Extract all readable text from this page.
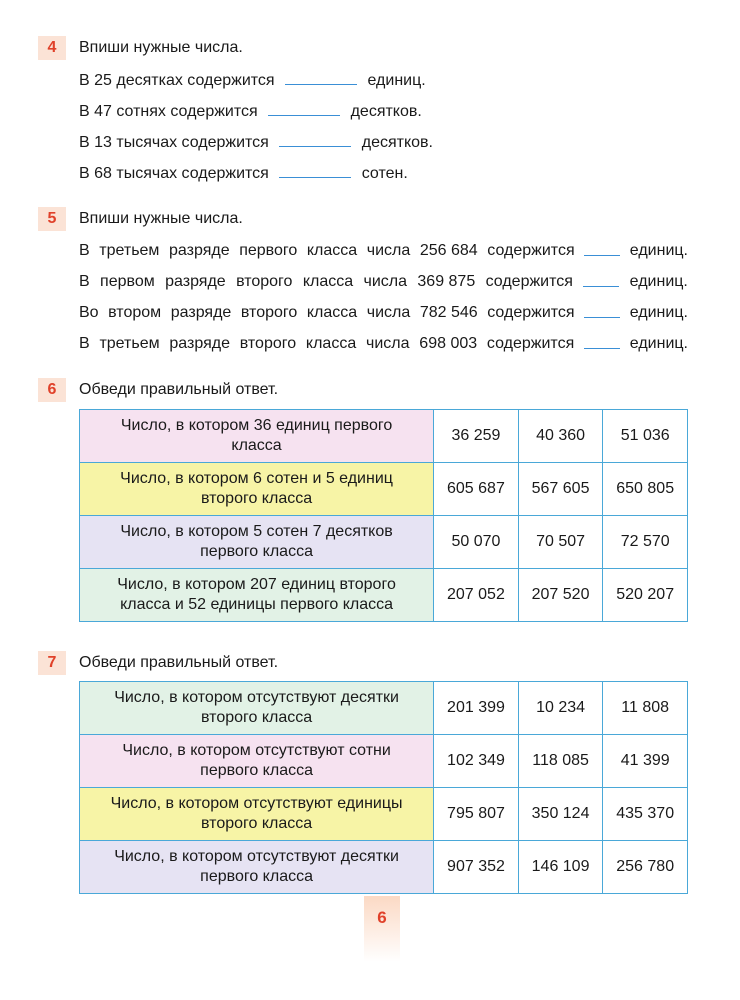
4	Впиши нужные числа.
В 25 десятках содержится	единиц.
В 47 сотнях содержится	десятков.
В 13 тысячах содержится	десятков.
В 68 тысячах содержится	сотен.
5	Впиши нужные числа.
В третьем разряде первого класса числа 256 684 содержится	единиц.
В первом разряде второго класса числа 369 875 содержится	единиц.
Во втором разряде второго класса числа 782 546 содержится	единиц.
В третьем разряде второго класса числа 698 003 содержится	единиц.
6	Обведи правильный ответ.
Число, в котором 36 единиц первого
класса	36 259	40 360	51 036
Число, в котором 6 сотен и 5 единиц
второго класса	605 687	567 605	650 805
Число, в котором 5 сотен 7 десятков
первого класса	50 070	70 507	72 570
Число, в котором 207 единиц второго
класса и 52 единицы первого класса	207 052	207 520	520 207
7	Обведи правильный ответ.
Число, в котором отсутствуют десятки
второго класса	201 399	10 234	11 808
Число, в котором отсутствуют сотни
первого класса	102 349	118 085	41 399
Число, в котором отсутствуют единицы
второго класса	795 807	350 124	435 370
Число, в котором отсутствуют десятки
первого класса	907 352	146 109	256 780
6
